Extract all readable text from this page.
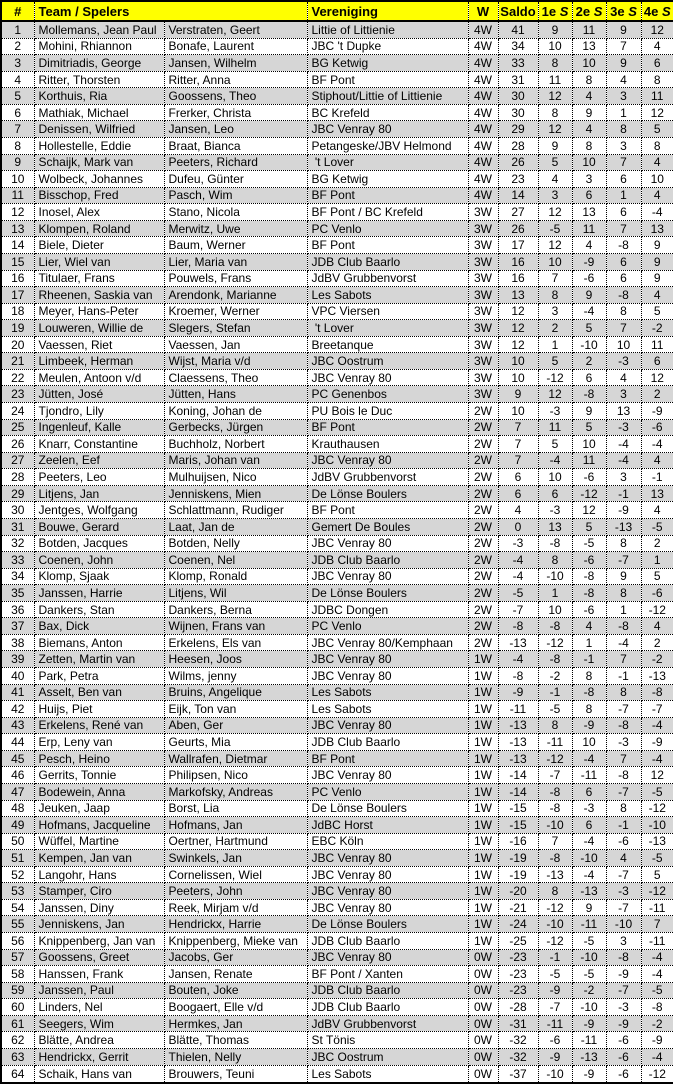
#	Team / Spelers		Vereniging	W	Saldo	1e S	2e S	3e S	4e S
1	Mollemans, Jean Paul	Verstraten, Geert	Littie of Littienie	4W	41	9	11	9	12
2	Mohini, Rhiannon	Bonafe, Laurent	JBC 't Dupke	4W	34	10	13	7	4
3	Dimitriadis, George	Jansen, Wilhelm	BG Ketwig	4W	33	8	10	9	6
4	Ritter, Thorsten	Ritter, Anna	BF Pont	4W	31	11	8	4	8
5	Korthuis, Ria	Goossens, Theo	Stiphout/Littie of Littienie	4W	30	12	4	3	11
6	Mathiak, Michael	Frerker, Christa	BC Krefeld	4W	30	8	9	1	12
7	Denissen, Wilfried	Jansen, Leo	JBC Venray 80	4W	29	12	4	8	5
8	Hollestelle, Eddie	Braat, Bianca	Petangeske/JBV Helmond	4W	28	9	8	3	8
9	Schaijk, Mark van	Peeters, Richard	't Lover	4W	26	5	10	7	4
10	Wolbeck, Johannes	Dufeu, Günter	BG Ketwig	4W	23	4	3	6	10
11	Bisschop, Fred	Pasch, Wim	BF Pont	4W	14	3	6	1	4
12	Inosel, Alex	Stano, Nicola	BF Pont / BC Krefeld	3W	27	12	13	6	-4
13	Klompen, Roland	Merwitz, Uwe	PC Venlo	3W	26	-5	11	7	13
14	Biele, Dieter	Baum, Werner	BF Pont	3W	17	12	4	-8	9
15	Lier, Wiel van	Lier, Maria van	JDB Club Baarlo	3W	16	10	-9	6	9
16	Titulaer, Frans	Pouwels, Frans	JdBV Grubbenvorst	3W	16	7	-6	6	9
17	Rheenen, Saskia van	Arendonk, Marianne	Les Sabots	3W	13	8	9	-8	4
18	Meyer, Hans-Peter	Kroemer, Werner	VPC Viersen	3W	12	3	-4	8	5
19	Louweren, Willie de	Slegers, Stefan	't Lover	3W	12	2	5	7	-2
20	Vaessen, Riet	Vaessen, Jan	Breetanque	3W	12	1	-10	10	11
21	Limbeek, Herman	Wijst, Maria v/d	JBC Oostrum	3W	10	5	2	-3	6
22	Meulen, Antoon v/d	Claessens, Theo	JBC Venray 80	3W	10	-12	6	4	12
23	Jütten, José	Jütten, Hans	PC Genenbos	3W	9	12	-8	3	2
24	Tjondro, Lily	Koning, Johan de	PU Bois le Duc	2W	10	-3	9	13	-9
25	Ingenleuf, Kalle	Gerbecks, Jürgen	BF Pont	2W	7	11	5	-3	-6
26	Knarr, Constantine	Buchholz, Norbert	Krauthausen	2W	7	5	10	-4	-4
27	Zeelen, Eef	Maris, Johan van	JBC Venray 80	2W	7	-4	11	-4	4
28	Peeters, Leo	Mulhuijsen, Nico	JdBV Grubbenvorst	2W	6	10	-6	3	-1
29	Litjens, Jan	Jenniskens, Mien	De Lönse Boulers	2W	6	6	-12	-1	13
30	Jentges, Wolfgang	Schlattmann, Rudiger	BF Pont	2W	4	-3	12	-9	4
31	Bouwe, Gerard	Laat, Jan de	Gemert De Boules	2W	0	13	5	-13	-5
32	Botden, Jacques	Botden, Nelly	JBC Venray 80	2W	-3	-8	-5	8	2
33	Coenen, John	Coenen, Nel	JDB Club Baarlo	2W	-4	8	-6	-7	1
34	Klomp, Sjaak	Klomp, Ronald	JBC Venray 80	2W	-4	-10	-8	9	5
35	Janssen, Harrie	Litjens, Wil	De Lönse Boulers	2W	-5	1	-8	8	-6
36	Dankers, Stan	Dankers, Berna	JDBC Dongen	2W	-7	10	-6	1	-12
37	Bax, Dick	Wijnen, Frans van	PC Venlo	2W	-8	-8	4	-8	4
38	Biemans, Anton	Erkelens, Els van	JBC Venray 80/Kemphaan	2W	-13	-12	1	-4	2
39	Zetten, Martin van	Heesen, Joos	JBC Venray 80	1W	-4	-8	-1	7	-2
40	Park, Petra	Wilms, jenny	JBC Venray 80	1W	-8	-2	8	-1	-13
41	Asselt, Ben van	Bruins, Angelique	Les Sabots	1W	-9	-1	-8	8	-8
42	Huijs, Piet	Eijk, Ton van	Les Sabots	1W	-11	-5	8	-7	-7
43	Erkelens, René van	Aben, Ger	JBC Venray 80	1W	-13	8	-9	-8	-4
44	Erp, Leny van	Geurts, Mia	JDB Club Baarlo	1W	-13	-11	10	-3	-9
45	Pesch, Heino	Wallrafen, Dietmar	BF Pont	1W	-13	-12	-4	7	-4
46	Gerrits, Tonnie	Philipsen, Nico	JBC Venray 80	1W	-14	-7	-11	-8	12
47	Bodewein, Anna	Markofsky, Andreas	PC Venlo	1W	-14	-8	6	-7	-5
48	Jeuken, Jaap	Borst, Lia	De Lönse Boulers	1W	-15	-8	-3	8	-12
49	Hofmans, Jacqueline	Hofmans, Jan	JdBC Horst	1W	-15	-10	6	-1	-10
50	Wüffel, Martine	Oertner, Hartmund	EBC Köln	1W	-16	7	-4	-6	-13
51	Kempen, Jan van	Swinkels, Jan	JBC Venray 80	1W	-19	-8	-10	4	-5
52	Langohr, Hans	Cornelissen, Wiel	JBC Venray 80	1W	-19	-13	-4	-7	5
53	Stamper, Ciro	Peeters, John	JBC Venray 80	1W	-20	8	-13	-3	-12
54	Janssen, Diny	Reek, Mirjam v/d	JBC Venray 80	1W	-21	-12	9	-7	-11
55	Jenniskens, Jan	Hendrickx, Harrie	De Lönse Boulers	1W	-24	-10	-11	-10	7
56	Knippenberg, Jan van	Knippenberg, Mieke van	JDB Club Baarlo	1W	-25	-12	-5	3	-11
57	Goossens, Greet	Jacobs, Ger	JBC Venray 80	0W	-23	-1	-10	-8	-4
58	Hanssen, Frank	Jansen, Renate	BF Pont / Xanten	0W	-23	-5	-5	-9	-4
59	Janssen, Paul	Bouten, Joke	JDB Club Baarlo	0W	-23	-9	-2	-7	-5
60	Linders, Nel	Boogaert, Elle v/d	JDB Club Baarlo	0W	-28	-7	-10	-3	-8
61	Seegers, Wim	Hermkes, Jan	JdBV Grubbenvorst	0W	-31	-11	-9	-9	-2
62	Blätte, Andrea	Blätte, Thomas	St Tönis	0W	-32	-6	-11	-6	-9
63	Hendrickx, Gerrit	Thielen, Nelly	JBC Oostrum	0W	-32	-9	-13	-6	-4
64	Schaik, Hans van	Brouwers, Teuni	Les Sabots	0W	-37	-10	-9	-6	-12
